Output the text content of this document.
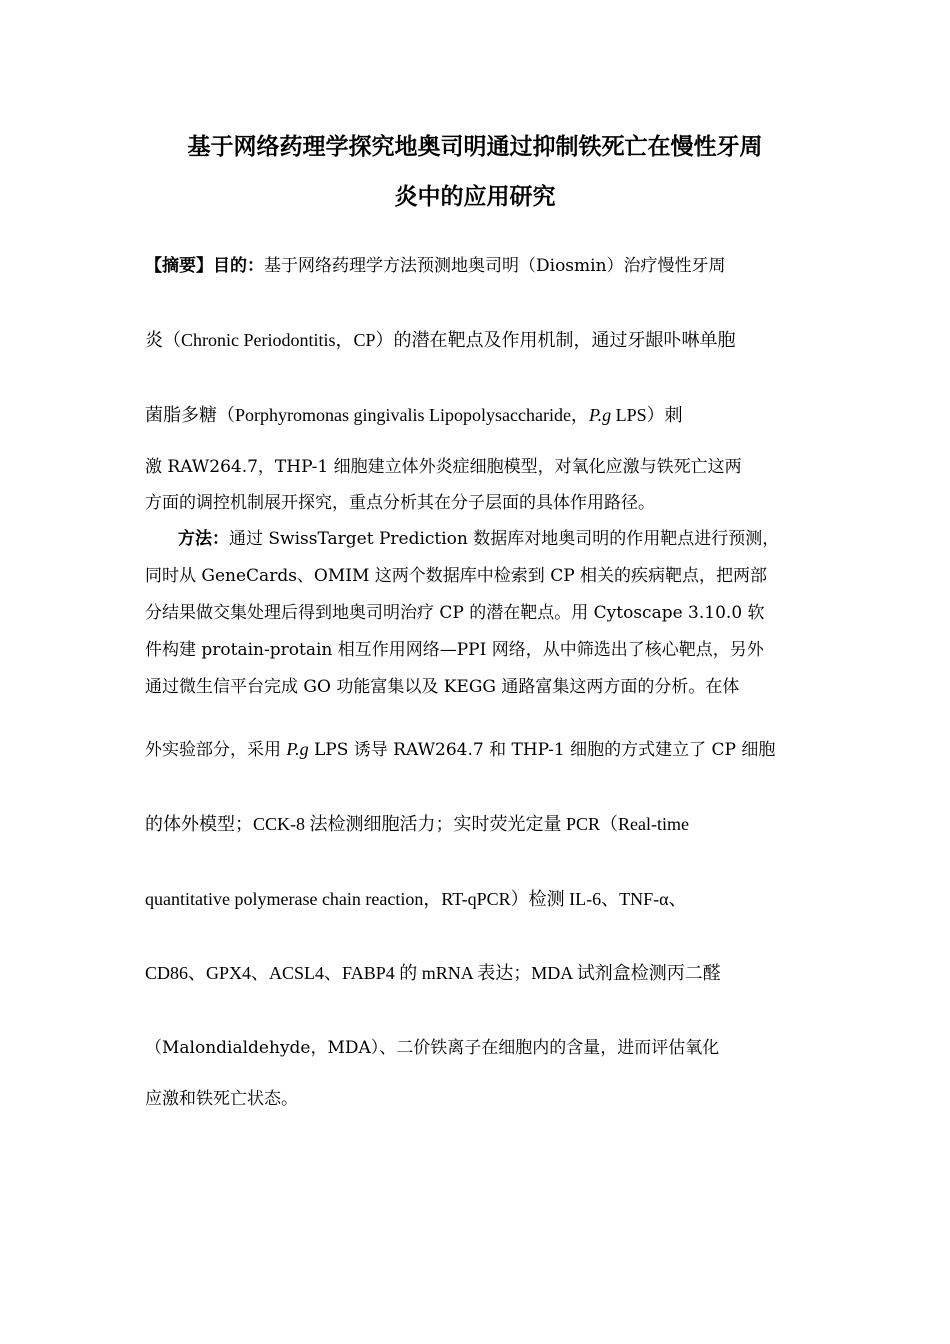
基于网络药理学探究地奥司明通过抑制铁死亡在慢性牙周
炎中的应用研究
【摘要】目的：基于网络药理学方法预测地奥司明（Diosmin）治疗慢性牙周
炎（Chronic Periodontitis，CP）的潜在靶点及作用机制，通过牙龈卟啉单胞
菌脂多糖（Porphyromonas gingivalis Lipopolysaccharide，P.g LPS）刺
激 RAW264.7，THP-1 细胞建立体外炎症细胞模型，对氧化应激与铁死亡这两
方面的调控机制展开探究，重点分析其在分子层面的具体作用路径。
方法：通过 SwissTarget Prediction 数据库对地奥司明的作用靶点进行预测，
同时从 GeneCards、OMIM 这两个数据库中检索到 CP 相关的疾病靶点，把两部
分结果做交集处理后得到地奥司明治疗 CP 的潜在靶点。用 Cytoscape 3.10.0 软
件构建 protain-protain 相互作用网络—PPI 网络，从中筛选出了核心靶点，另外
通过微生信平台完成 GO 功能富集以及 KEGG 通路富集这两方面的分析。在体
外实验部分，采用 P.g LPS 诱导 RAW264.7 和 THP-1 细胞的方式建立了 CP 细胞
的体外模型；CCK-8 法检测细胞活力；实时荧光定量 PCR（Real-time
quantitative polymerase chain reaction，RT-qPCR）检测 IL-6、TNF-α、
CD86、GPX4、ACSL4、FABP4 的 mRNA 表达；MDA 试剂盒检测丙二醛
（Malondialdehyde，MDA）、二价铁离子在细胞内的含量，进而评估氧化
应激和铁死亡状态。
